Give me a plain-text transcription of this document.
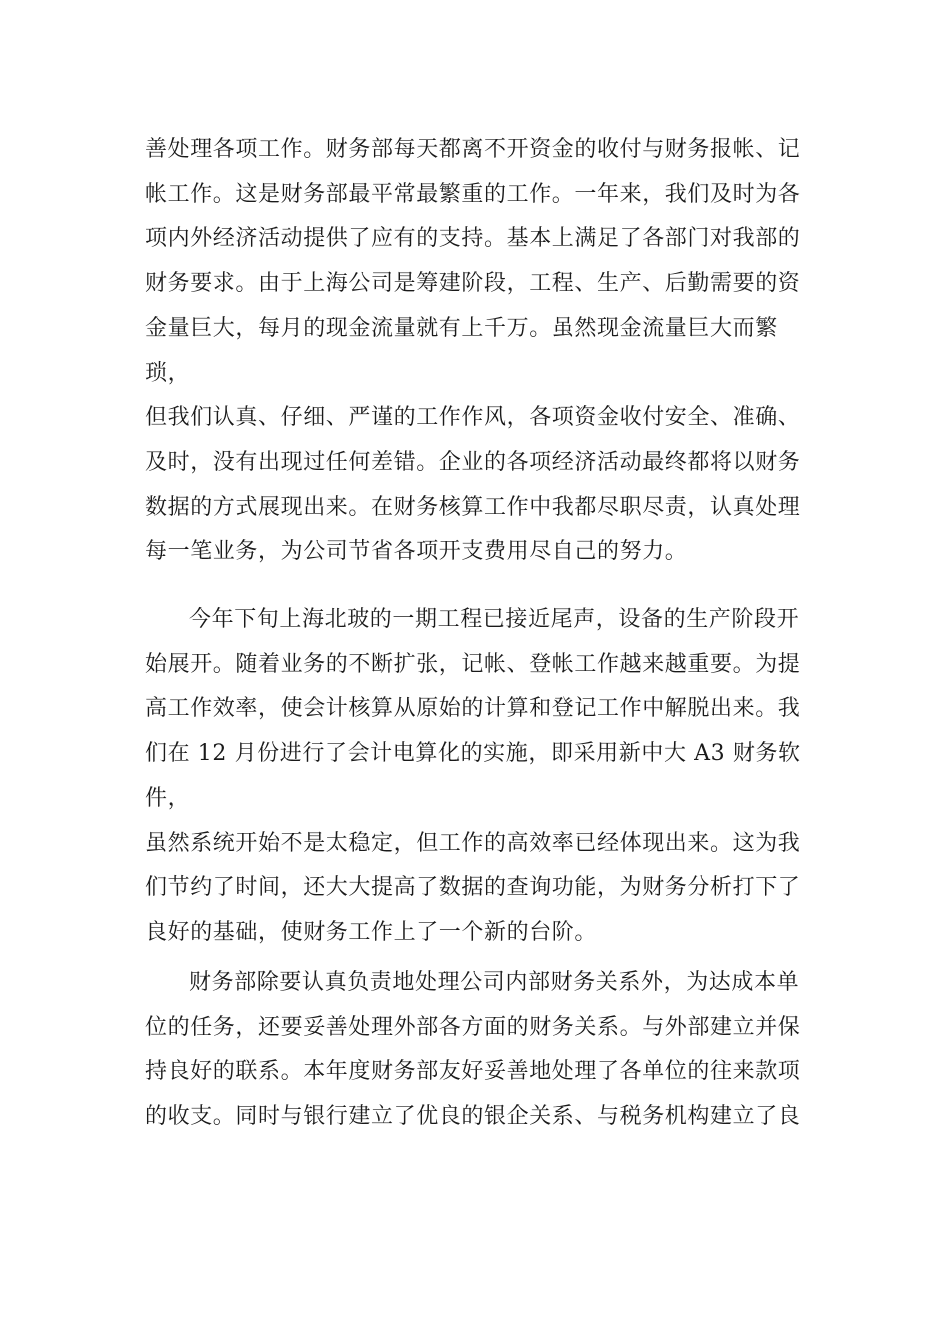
善处理各项工作。财务部每天都离不开资金的收付与财务报帐、记

帐工作。这是财务部最平常最繁重的工作。一年来，我们及时为各

项内外经济活动提供了应有的支持。基本上满足了各部门对我部的

财务要求。由于上海公司是筹建阶段，工程、生产、后勤需要的资

金量巨大，每月的现金流量就有上千万。虽然现金流量巨大而繁琐，

但我们认真、仔细、严谨的工作作风，各项资金收付安全、准确、

及时，没有出现过任何差错。企业的各项经济活动最终都将以财务

数据的方式展现出来。在财务核算工作中我都尽职尽责，认真处理

每一笔业务，为公司节省各项开支费用尽自己的努力。

今年下旬上海北玻的一期工程已接近尾声，设备的生产阶段开

始展开。随着业务的不断扩张，记帐、登帐工作越来越重要。为提

高工作效率，使会计核算从原始的计算和登记工作中解脱出来。我

们在 12 月份进行了会计电算化的实施，即采用新中大 A3 财务软件，

虽然系统开始不是太稳定，但工作的高效率已经体现出来。这为我

们节约了时间，还大大提高了数据的查询功能，为财务分析打下了

良好的基础，使财务工作上了一个新的台阶。

财务部除要认真负责地处理公司内部财务关系外，为达成本单

位的任务，还要妥善处理外部各方面的财务关系。与外部建立并保

持良好的联系。本年度财务部友好妥善地处理了各单位的往来款项

的收支。同时与银行建立了优良的银企关系、与税务机构建立了良
